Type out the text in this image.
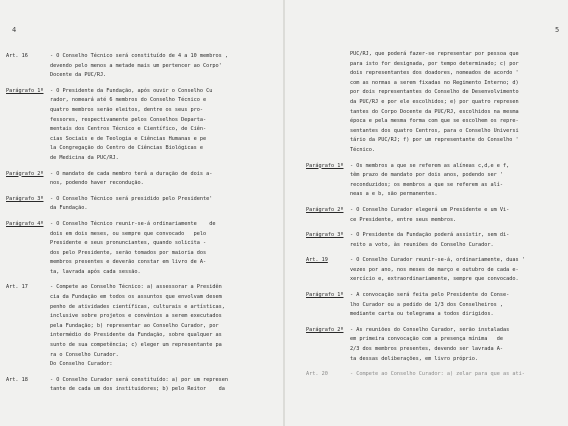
4
Art. 16	- O Conselho Técnico será constituído de 4 a 10 membros ,
devendo pelo menos a metade mais um pertencer ao Corpo'
Docente da PUC/RJ.
Parágrafo 1º - O Presidente da Fundação, após ouvir o Conselho Cu
rador, nomeará até 6 membros do Conselho Técnico e
quatro membros serão eleitos, dentre os seus pro-
fessores, respectivamente pelos Conselhos Departa-
mentais dos Centros Técnico e Científico, de Ciên-
cias Sociais e de Teologia e Ciências Humanas e pe
la Congregação do Centro de Ciências Biológicas e
de Medicina da PUC/RJ.
Parágrafo 2º - O mandato de cada membro terá a duração de dois a-
nos, podendo haver recondução.
Parágrafo 3º - O Conselho Técnico será presidido pelo Presidente'
da Fundação.
Parágrafo 4º - O Conselho Técnico reunir-se-á ordinariamente    de
dois em dois meses, ou sempre que convocado   pelo
Presidente e seus pronunciantes, quando solicita -
dos pelo Presidente, serão tomados por maioria dos
membros presentes e deverão constar em livro de A-
ta, lavrada após cada sessão.
Art. 17	- Compete ao Conselho Técnico: a) assessorar a Presidên
cia da Fundação em todos os assuntos que envolvam desem
penho de atividades científicas, culturais e artísticas,
inclusive sobre projetos e convênios a serem executados
pela Fundação; b) representar ao Conselho Curador, por
intermédio do Presidente da Fundação, sobre qualquer as
sunto de sua competência; c) eleger um representante pa
ra o Conselho Curador.
Do Conselho Curador:
Art. 18	- O Conselho Curador será constituído: a) por um represen
tante de cada um dos instituidores; b) pelo Reitor    da
5
PUC/RJ, que poderá fazer-se representar por pessoa que
para isto for designada, por tempo determinado; c) por
dois representantes dos doadores, nomeados de acordo '
com as normas a serem fixadas no Regimento Interno; d)
por dois representantes do Conselho de Desenvolvimento
da PUC/RJ e por ele escolhidos; e) por quatro represen
tantes do Corpo Docente da PUC/RJ, escolhidos na mesma
época e pela mesma forma com que se escolhem os repre-
sentantes dos quatro Centros, para o Conselho Universi
tário da PUC/RJ; f) por um representante do Conselho '
Técnico.
Parágrafo 1º - Os membros a que se referem as alíneas c,d,e e f,
têm prazo de mandato por dois anos, podendo ser '
reconduzidos; os membros a que se referem as alí-
neas a e b, são permanentes.
Parágrafo 2º - O Conselho Curador elegerá um Presidente e um Vi-
ce Presidente, entre seus membros.
Parágrafo 3º - O Presidente da Fundação poderá assistir, sem di-
reito a voto, às reuniões do Conselho Curador.
Art. 19	- O Conselho Curador reunir-se-á, ordinariamente, duas '
vezes por ano, nos meses de março e outubro de cada e-
xercício e, extraordinariamente, sempre que convocado.
Parágrafo 1º - A convocação será feita pelo Presidente do Conse-
lho Curador ou a pedido de 1/3 dos Conselheiros ,
mediante carta ou telegrama a todos dirigidos.
Parágrafo 2º - As reuniões do Conselho Curador, serão instaladas
em primeira convocação com a presença mínima   de
2/3 dos membros presentes, devendo ser lavrada A-
ta dessas deliberações, em livro próprio.
Art. 20	- Compete ao Conselho Curador: a) zelar para que as ati-
